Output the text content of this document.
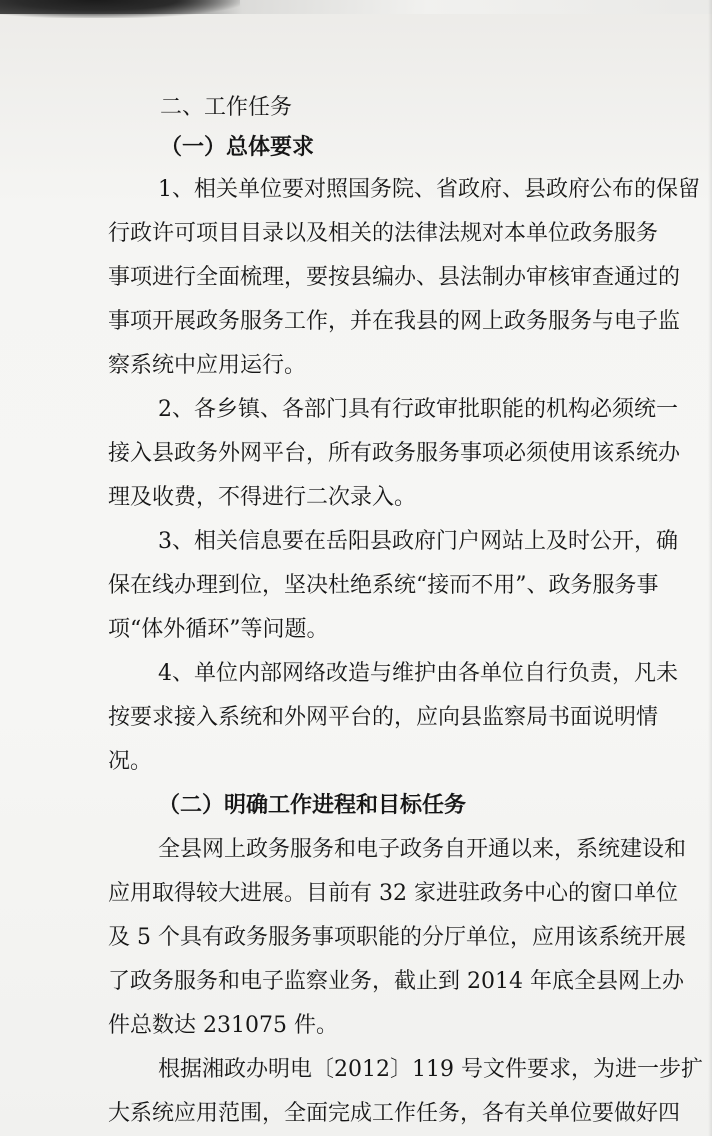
二、工作任务
（一）总体要求
1、相关单位要对照国务院、省政府、县政府公布的保留
行政许可项目目录以及相关的法律法规对本单位政务服务
事项进行全面梳理，要按县编办、县法制办审核审查通过的
事项开展政务服务工作，并在我县的网上政务服务与电子监
察系统中应用运行。
2、各乡镇、各部门具有行政审批职能的机构必须统一
接入县政务外网平台，所有政务服务事项必须使用该系统办
理及收费，不得进行二次录入。
3、相关信息要在岳阳县政府门户网站上及时公开，确
保在线办理到位，坚决杜绝系统“接而不用”、政务服务事
项“体外循环”等问题。
4、单位内部网络改造与维护由各单位自行负责，凡未
按要求接入系统和外网平台的，应向县监察局书面说明情
况。
（二）明确工作进程和目标任务
全县网上政务服务和电子政务自开通以来，系统建设和
应用取得较大进展。目前有 32 家进驻政务中心的窗口单位
及 5 个具有政务服务事项职能的分厅单位，应用该系统开展
了政务服务和电子监察业务，截止到 2014 年底全县网上办
件总数达 231075 件。
根据湘政办明电〔2012〕119 号文件要求，为进一步扩
大系统应用范围，全面完成工作任务，各有关单位要做好四
